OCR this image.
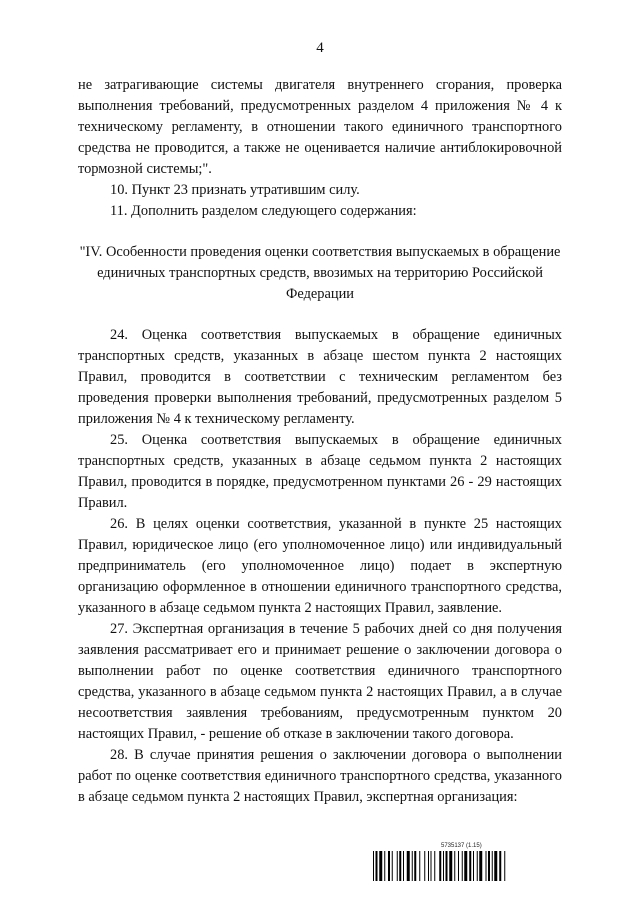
4

не затрагивающие системы двигателя внутреннего сгорания, проверка выполнения требований, предусмотренных разделом 4 приложения № 4 к техническому регламенту, в отношении такого единичного транспортного средства не проводится, а также не оценивается наличие антиблокировочной тормозной системы;".

10. Пункт 23 признать утратившим силу.

11. Дополнить разделом следующего содержания:

"IV. Особенности проведения оценки соответствия выпускаемых в обращение единичных транспортных средств, ввозимых на территорию Российской Федерации

24. Оценка соответствия выпускаемых в обращение единичных транспортных средств, указанных в абзаце шестом пункта 2 настоящих Правил, проводится в соответствии с техническим регламентом без проведения проверки выполнения требований, предусмотренных разделом 5 приложения № 4 к техническому регламенту.

25. Оценка соответствия выпускаемых в обращение единичных транспортных средств, указанных в абзаце седьмом пункта 2 настоящих Правил, проводится в порядке, предусмотренном пунктами 26 - 29 настоящих Правил.

26. В целях оценки соответствия, указанной в пункте 25 настоящих Правил, юридическое лицо (его уполномоченное лицо) или индивидуальный предприниматель (его уполномоченное лицо) подает в экспертную организацию оформленное в отношении единичного транспортного средства, указанного в абзаце седьмом пункта 2 настоящих Правил, заявление.

27. Экспертная организация в течение 5 рабочих дней со дня получения заявления рассматривает его и принимает решение о заключении договора о выполнении работ по оценке соответствия единичного транспортного средства, указанного в абзаце седьмом пункта 2 настоящих Правил, а в случае несоответствия заявления требованиям, предусмотренным пунктом 20 настоящих Правил, - решение об отказе в заключении такого договора.

28. В случае принятия решения о заключении договора о выполнении работ по оценке соответствия единичного транспортного средства, указанного в абзаце седьмом пункта 2 настоящих Правил, экспертная организация:

5735137 (1.15)
